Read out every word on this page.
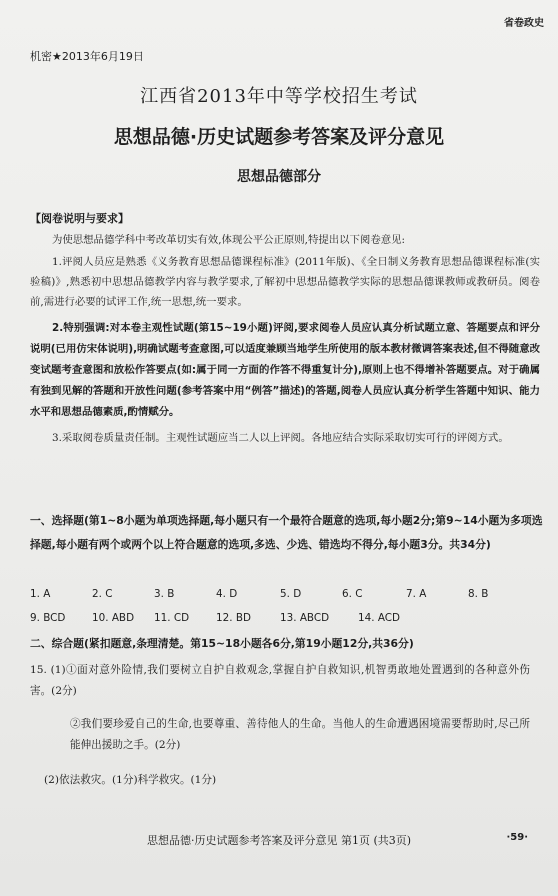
省卷政史
机密★2013年6月19日
江西省2013年中等学校招生考试
思想品德·历史试题参考答案及评分意见
思想品德部分
【阅卷说明与要求】
为使思想品德学科中考改革切实有效,体现公平公正原则,特提出以下阅卷意见:
1.评阅人员应是熟悉《义务教育思想品德课程标准》(2011年版)、《全日制义务教育思想品德课程标准(实验稿)》,熟悉初中思想品德教学内容与教学要求,了解初中思想品德教学实际的思想品德课教师或教研员。阅卷前,需进行必要的试评工作,统一思想,统一要求。
2.特别强调:对本卷主观性试题(第15~19小题)评阅,要求阅卷人员应认真分析试题立意、答题要点和评分说明(已用仿宋体说明),明确试题考查意图,可以适度兼顾当地学生所使用的版本教材微调答案表述,但不得随意改变试题考查意图和放松作答要点(如:属于同一方面的作答不得重复计分),原则上也不得增补答题要点。对于确属有独到见解的答题和开放性问题(参考答案中用“例答”描述)的答题,阅卷人员应认真分析学生答题中知识、能力水平和思想品德素质,酌情赋分。
3.采取阅卷质量责任制。主观性试题应当二人以上评阅。各地应结合实际采取切实可行的评阅方式。
一、选择题(第1~8小题为单项选择题,每小题只有一个最符合题意的选项,每小题2分;第9~14小题为多项选择题,每小题有两个或两个以上符合题意的选项,多选、少选、错选均不得分,每小题3分。共34分)
1. A	2. C	3. B	4. D	5. D	6. C	7. A	8. B
9. BCD	10. ABD 11. CD	12. BD	13. ABCD	14. ACD
二、综合题(紧扣题意,条理清楚。第15~18小题各6分,第19小题12分,共36分)
15. (1)①面对意外险情,我们要树立自护自救观念,掌握自护自救知识,机智勇敢地处置遇到的各种意外伤害。(2分)
②我们要珍爱自己的生命,也要尊重、善待他人的生命。当他人的生命遭遇困境需要帮助时,尽己所能伸出援助之手。(2分)
(2)依法救灾。(1分)科学救灾。(1分)
思想品德·历史试题参考答案及评分意见 第1页 (共3页)	·59·
